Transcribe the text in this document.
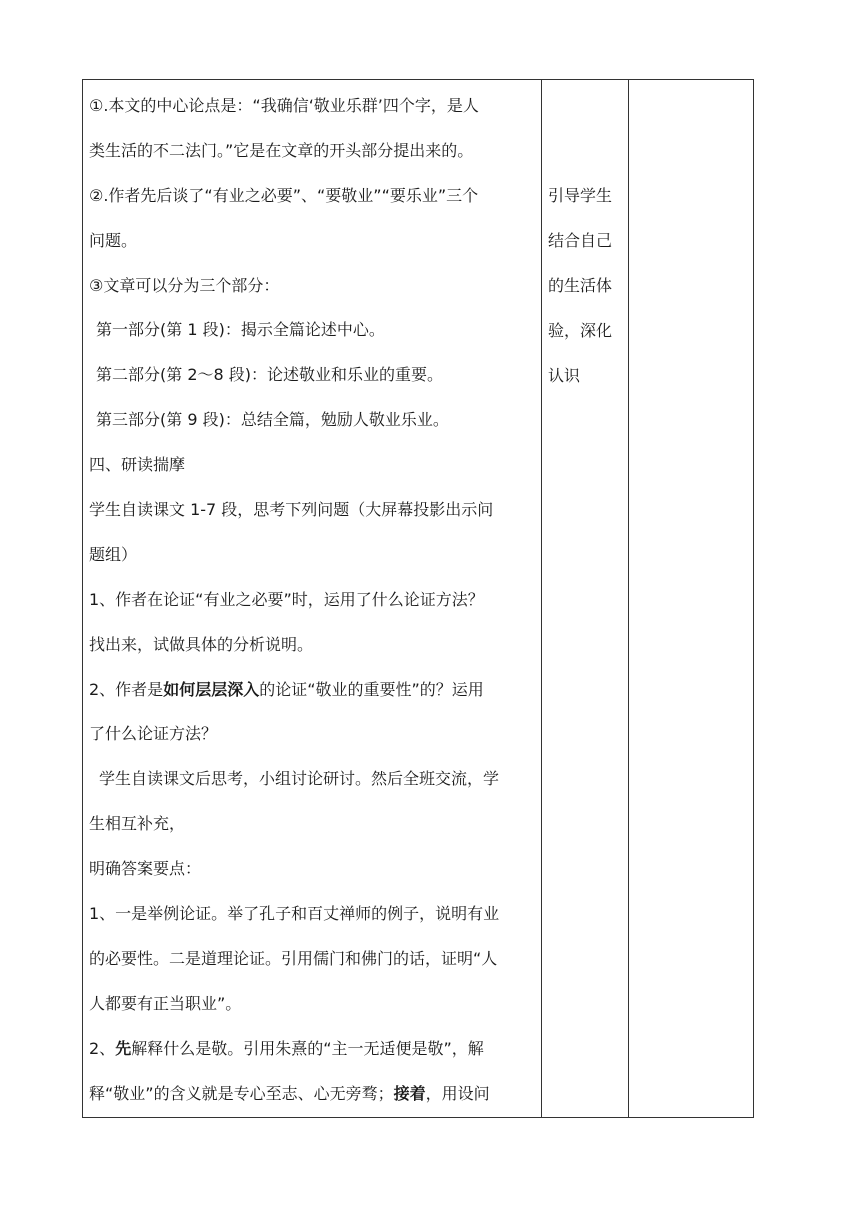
①.本文的中心论点是：“我确信‘敬业乐群’四个字，是人
类生活的不二法门。”它是在文章的开头部分提出来的。
②.作者先后谈了“有业之必要”、“要敬业”“要乐业”三个
问题。
③文章可以分为三个部分：
第一部分(第 1 段)：揭示全篇论述中心。
第二部分(第 2～8 段)：论述敬业和乐业的重要。
第三部分(第 9 段)：总结全篇，勉励人敬业乐业。
四、研读揣摩
学生自读课文 1-7 段，思考下列问题（大屏幕投影出示问
题组）
1、作者在论证“有业之必要”时，运用了什么论证方法？
找出来，试做具体的分析说明。
2、作者是如何层层深入的论证“敬业的重要性”的？运用
了什么论证方法？
学生自读课文后思考，小组讨论研讨。然后全班交流，学
生相互补充，
明确答案要点：
1、一是举例论证。举了孔子和百丈禅师的例子，说明有业
的必要性。二是道理论证。引用儒门和佛门的话，证明“人
人都要有正当职业”。
2、先解释什么是敬。引用朱熹的“主一无适便是敬”，解
释“敬业”的含义就是专心至志、心无旁骛；接着，用设问
引导学生
结合自己
的生活体
验，深化
认识
